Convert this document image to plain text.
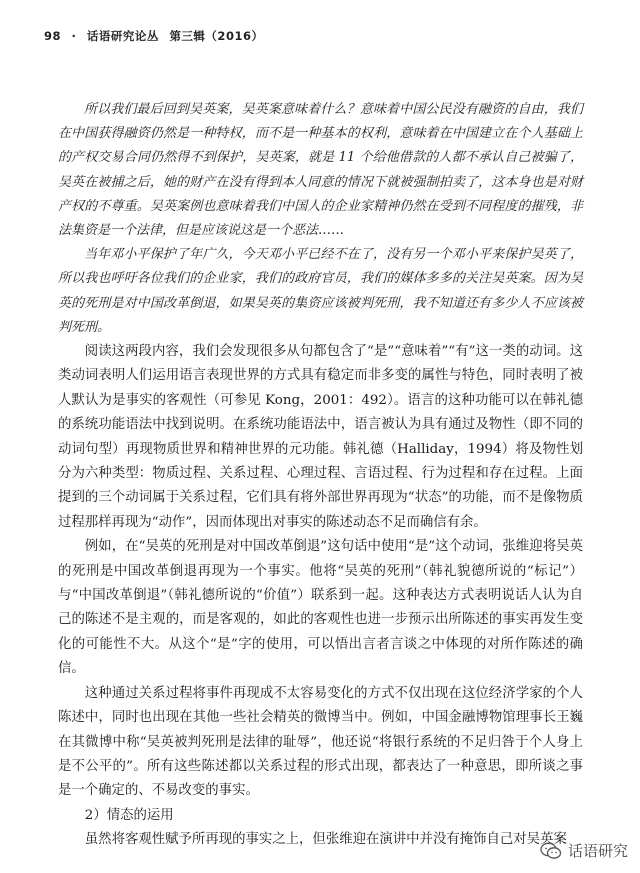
98 · 话语研究论丛 第三辑（2016）

所以我们最后回到吴英案，吴英案意味着什么？意味着中国公民没有融资的自由，我们在中国获得融资仍然是一种特权，而不是一种基本的权利，意味着在中国建立在个人基础上的产权交易合同仍然得不到保护，吴英案，就是 11 个给他借款的人都不承认自己被骗了，吴英在被捕之后，她的财产在没有得到本人同意的情况下就被强制拍卖了，这本身也是对财产权的不尊重。吴英案例也意味着我们中国人的企业家精神仍然在受到不同程度的摧残，非法集资是一个法律，但是应该说这是一个恶法……

当年邓小平保护了年广久，今天邓小平已经不在了，没有另一个邓小平来保护吴英了，所以我也呼吁各位我们的企业家，我们的政府官员，我们的媒体多多的关注吴英案。因为吴英的死刑是对中国改革倒退，如果吴英的集资应该被判死刑，我不知道还有多少人不应该被判死刑。

阅读这两段内容，我们会发现很多从句都包含了“是”“意味着”“有”这一类的动词。这类动词表明人们运用语言表现世界的方式具有稳定而非多变的属性与特色，同时表明了被人默认为是事实的客观性（可参见 Kong，2001：492）。语言的这种功能可以在韩礼德的系统功能语法中找到说明。在系统功能语法中，语言被认为具有通过及物性（即不同的动词句型）再现物质世界和精神世界的元功能。韩礼德（Halliday，1994）将及物性划分为六种类型：物质过程、关系过程、心理过程、言语过程、行为过程和存在过程。上面提到的三个动词属于关系过程，它们具有将外部世界再现为“状态”的功能，而不是像物质过程那样再现为“动作”，因而体现出对事实的陈述动态不足而确信有余。

例如，在“吴英的死刑是对中国改革倒退”这句话中使用“是”这个动词，张维迎将吴英的死刑是中国改革倒退再现为一个事实。他将“吴英的死刑”（韩礼貌德所说的“标记”）与“中国改革倒退”（韩礼德所说的“价值”）联系到一起。这种表达方式表明说话人认为自己的陈述不是主观的，而是客观的，如此的客观性也进一步预示出所陈述的事实再发生变化的可能性不大。从这个“是”字的使用，可以悟出言者言谈之中体现的对所作陈述的确信。

这种通过关系过程将事件再现成不太容易变化的方式不仅出现在这位经济学家的个人陈述中，同时也出现在其他一些社会精英的微博当中。例如，中国金融博物馆理事长王巍在其微博中称“吴英被判死刑是法律的耻辱”，他还说“将银行系统的不足归咎于个人身上是不公平的”。所有这些陈述都以关系过程的形式出现，都表达了一种意思，即所谈之事是一个确定的、不易改变的事实。

2）情态的运用

虽然将客观性赋予所再现的事实之上，但张维迎在演讲中并没有掩饰自己对吴英案

话语研究
